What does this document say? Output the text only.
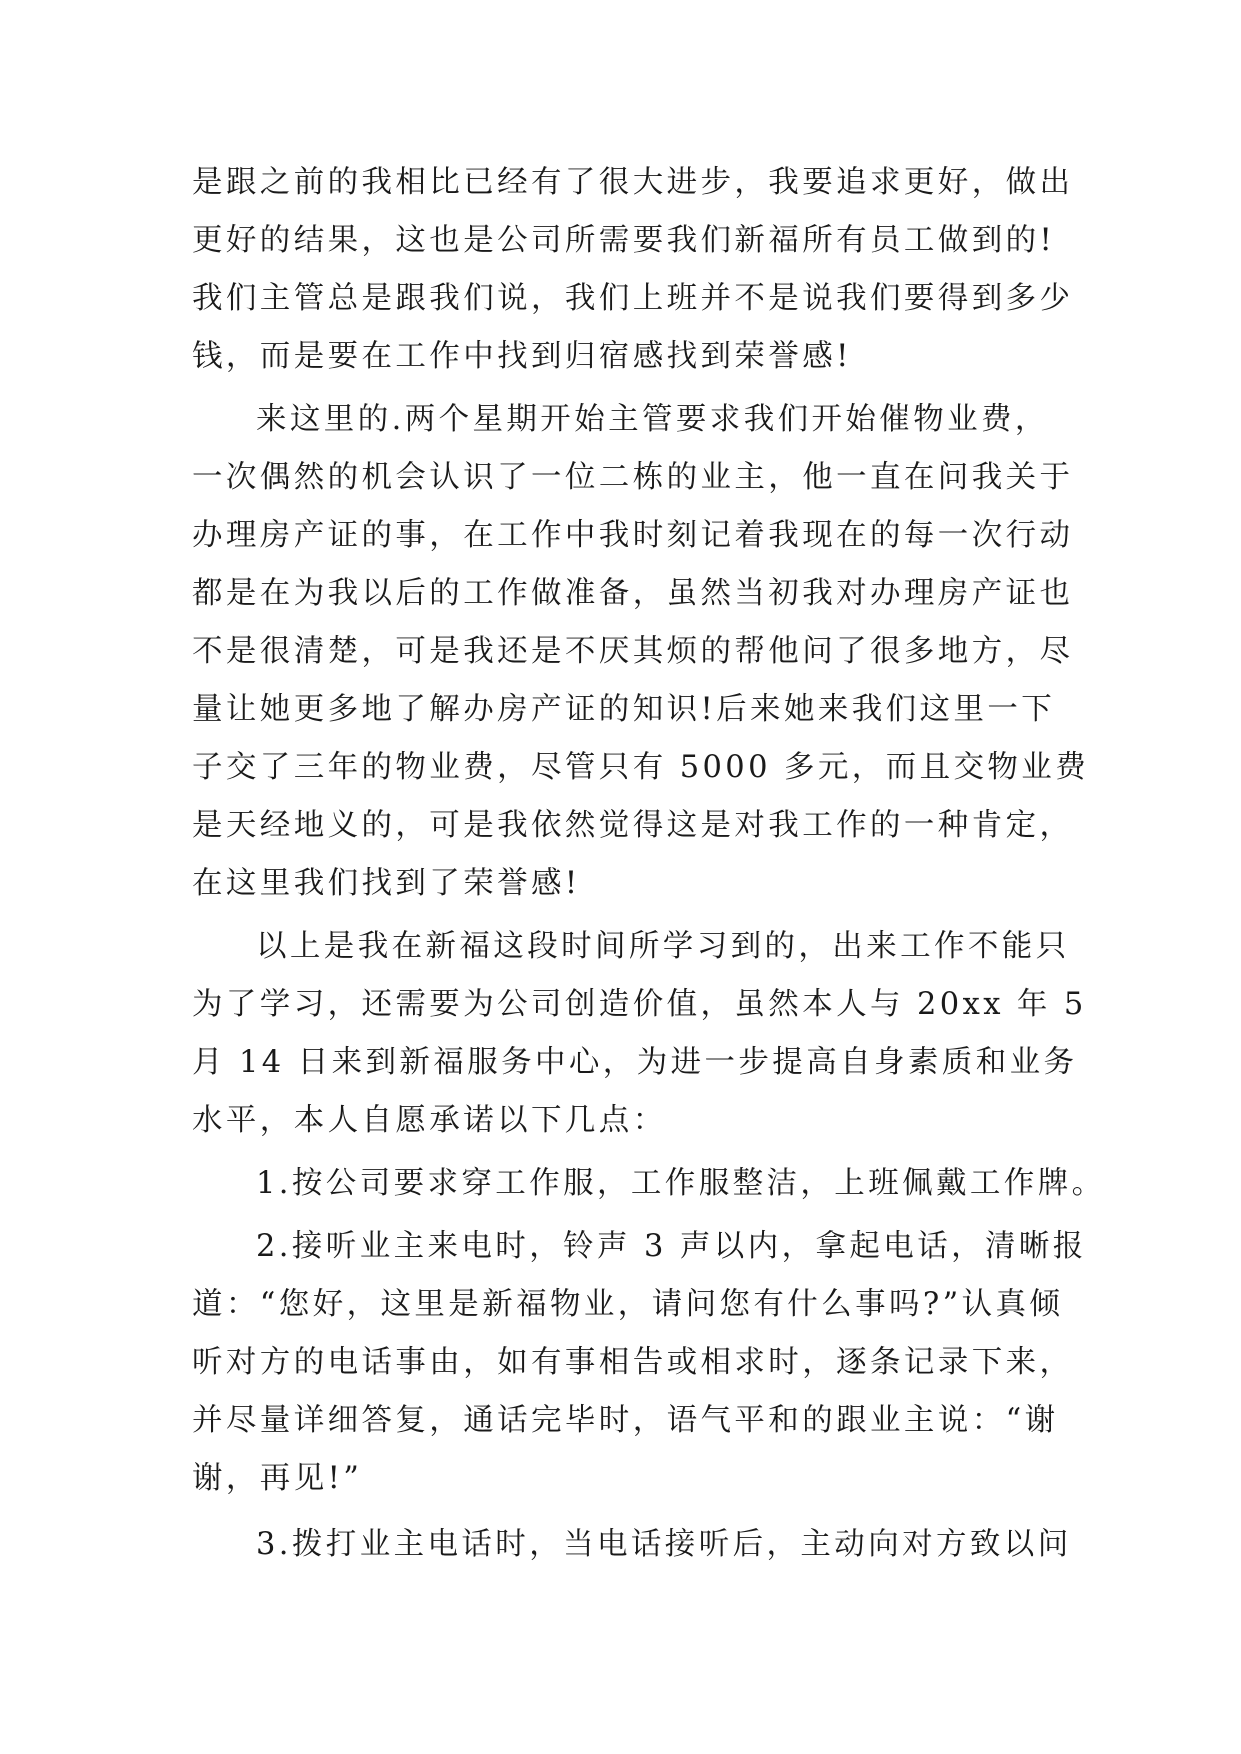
是跟之前的我相比已经有了很大进步，我要追求更好，做出
更好的结果，这也是公司所需要我们新福所有员工做到的!
我们主管总是跟我们说，我们上班并不是说我们要得到多少
钱，而是要在工作中找到归宿感找到荣誉感!
来这里的.两个星期开始主管要求我们开始催物业费，
一次偶然的机会认识了一位二栋的业主，他一直在问我关于
办理房产证的事，在工作中我时刻记着我现在的每一次行动
都是在为我以后的工作做准备，虽然当初我对办理房产证也
不是很清楚，可是我还是不厌其烦的帮他问了很多地方，尽
量让她更多地了解办房产证的知识!后来她来我们这里一下
子交了三年的物业费，尽管只有 5000 多元，而且交物业费
是天经地义的，可是我依然觉得这是对我工作的一种肯定，
在这里我们找到了荣誉感!
以上是我在新福这段时间所学习到的，出来工作不能只
为了学习，还需要为公司创造价值，虽然本人与 20xx 年 5
月 14 日来到新福服务中心，为进一步提高自身素质和业务
水平，本人自愿承诺以下几点：
1.按公司要求穿工作服，工作服整洁，上班佩戴工作牌。
2.接听业主来电时，铃声 3 声以内，拿起电话，清晰报
道：“您好，这里是新福物业，请问您有什么事吗?”认真倾
听对方的电话事由，如有事相告或相求时，逐条记录下来，
并尽量详细答复，通话完毕时，语气平和的跟业主说：“谢
谢，再见!”
3.拨打业主电话时，当电话接听后，主动向对方致以问
